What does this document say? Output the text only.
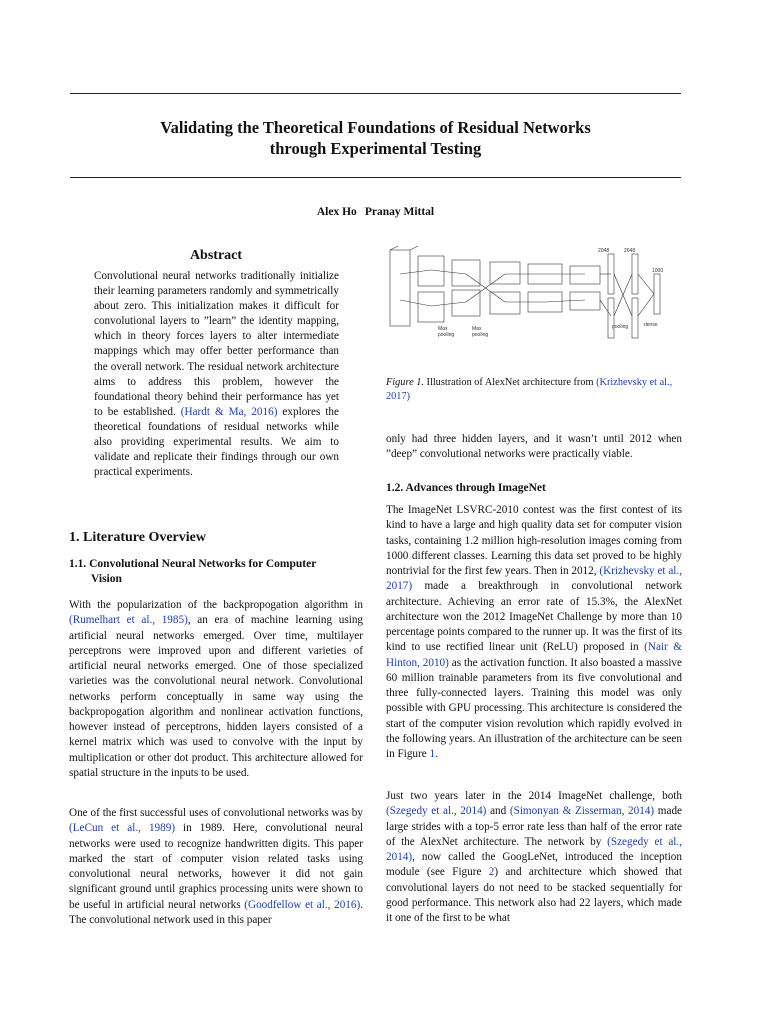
Validating the Theoretical Foundations of Residual Networks
through Experimental Testing
Alex Ho Pranay Mittal
Abstract
Convolutional neural networks traditionally initialize their learning parameters randomly and symmetrically about zero. This initialization makes it difficult for convolutional layers to ”learn” the identity mapping, which in theory forces layers to alter intermediate mappings which may offer better performance than the overall network. The residual network architecture aims to address this problem, however the foundational theory behind their performance has yet to be established. (Hardt & Ma, 2016) explores the theoretical foundations of residual networks while also providing experimental results. We aim to validate and replicate their findings through our own practical experiments.
1. Literature Overview
1.1. Convolutional Neural Networks for Computer
Vision

With the popularization of the backpropogation algorithm in (Rumelhart et al., 1985), an era of machine learning using artificial neural networks emerged. Over time, multilayer perceptrons were improved upon and different varieties of artificial neural networks emerged. One of those specialized varieties was the convolutional neural network. Convolutional networks perform conceptually in same way using the backpropogation algorithm and nonlinear activation functions, however instead of perceptrons, hidden layers consisted of a kernel matrix which was used to convolve with the input by multiplication or other dot product. This architecture allowed for spatial structure in the inputs to be used.

One of the first successful uses of convolutional networks was by (LeCun et al., 1989) in 1989. Here, convolutional neural networks were used to recognize handwritten digits. This paper marked the start of computer vision related tasks using convolutional neural networks, however it did not gain significant ground until graphics processing units were shown to be useful in artificial neural networks (Goodfellow et al., 2016). The convolutional network used in this paper

Max
pooling
Max
pooling
2048	2048
dense
pooling
1000
Figure 1. Illustration of AlexNet architecture from (Krizhevsky et al., 2017)

only had three hidden layers, and it wasn’t until 2012 when ”deep” convolutional networks were practically viable.

1.2. Advances through ImageNet

The ImageNet LSVRC-2010 contest was the first contest of its kind to have a large and high quality data set for computer vision tasks, containing 1.2 million high-resolution images coming from 1000 different classes. Learning this data set proved to be highly nontrivial for the first few years. Then in 2012, (Krizhevsky et al., 2017) made a breakthrough in convolutional network architecture. Achieving an error rate of 15.3%, the AlexNet architecture won the 2012 ImageNet Challenge by more than 10 percentage points compared to the runner up. It was the first of its kind to use rectified linear unit (ReLU) proposed in (Nair & Hinton, 2010) as the activation function. It also boasted a massive 60 million trainable parameters from its five convolutional and three fully-connected layers. Training this model was only possible with GPU processing. This architecture is considered the start of the computer vision revolution which rapidly evolved in the following years. An illustration of the architecture can be seen in Figure 1.

Just two years later in the 2014 ImageNet challenge, both (Szegedy et al., 2014) and (Simonyan & Zisserman, 2014) made large strides with a top-5 error rate less than half of the error rate of the AlexNet architecture. The network by (Szegedy et al., 2014), now called the GoogLeNet, introduced the inception module (see Figure 2) and architecture which showed that convolutional layers do not need to be stacked sequentially for good performance. This network also had 22 layers, which made it one of the first to be what
